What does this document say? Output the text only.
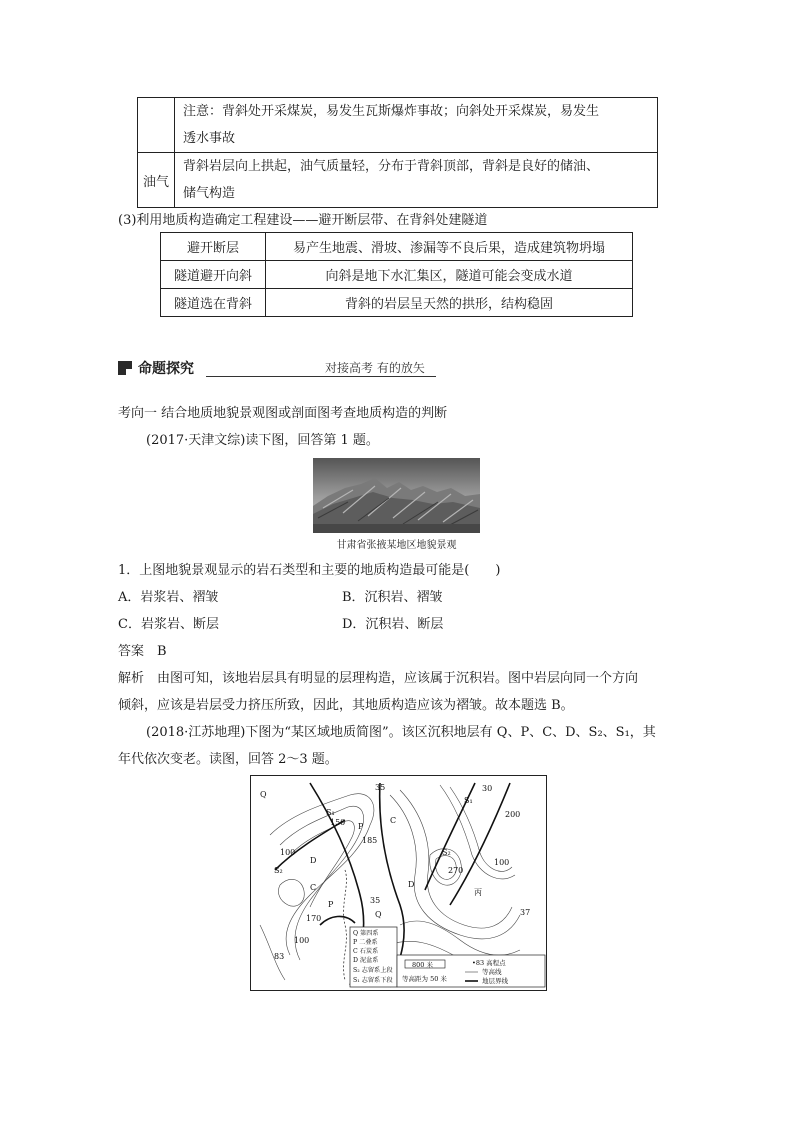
	注意：背斜处开采煤炭，易发生瓦斯爆炸事故；向斜处开采煤炭，易发生
透水事故

油气	背斜岩层向上拱起，油气质量轻，分布于背斜顶部，背斜是良好的储油、
储气构造
(3)利用地质构造确定工程建设——避开断层带、在背斜处建隧道
避开断层	易产生地震、滑坡、渗漏等不良后果，造成建筑物坍塌
隧道避开向斜	向斜是地下水汇集区，隧道可能会变成水道
隧道选在背斜	背斜的岩层呈天然的拱形，结构稳固
命题探究	对接高考 有的放矢
考向一 结合地质地貌景观图或剖面图考查地质构造的判断
(2017·天津文综)读下图，回答第 1 题。
甘肃省张掖某地区地貌景观
1．上图地貌景观显示的岩石类型和主要的地质构造最可能是(　　)
A．岩浆岩、褶皱	B．沉积岩、褶皱
C．岩浆岩、断层	D．沉积岩、断层
答案　B
解析　由图可知，该地岩层具有明显的层理构造，应该属于沉积岩。图中岩层向同一个方向
倾斜，应该是岩层受力挤压所致，因此，其地质构造应该为褶皱。故本题选 B。
(2018·江苏地理)下图为“某区域地质简图”。该区沉积地层有 Q、P、C、D、S₂、S₁，其
年代依次变老。读图，回答 2～3 题。
Q
S₁
150
35
C
P
185
100
S₂
D
C
P	35
Q
170
100
83
D
S₂
270
丙
S₁
30
200
100
37
Q 第四系
P 二叠系
C 石炭系
D 泥盆系
S₂ 志留系上段
S₁ 志留系下段
800 米
等高距为 50 米
•83 高程点
等高线
地层界线
